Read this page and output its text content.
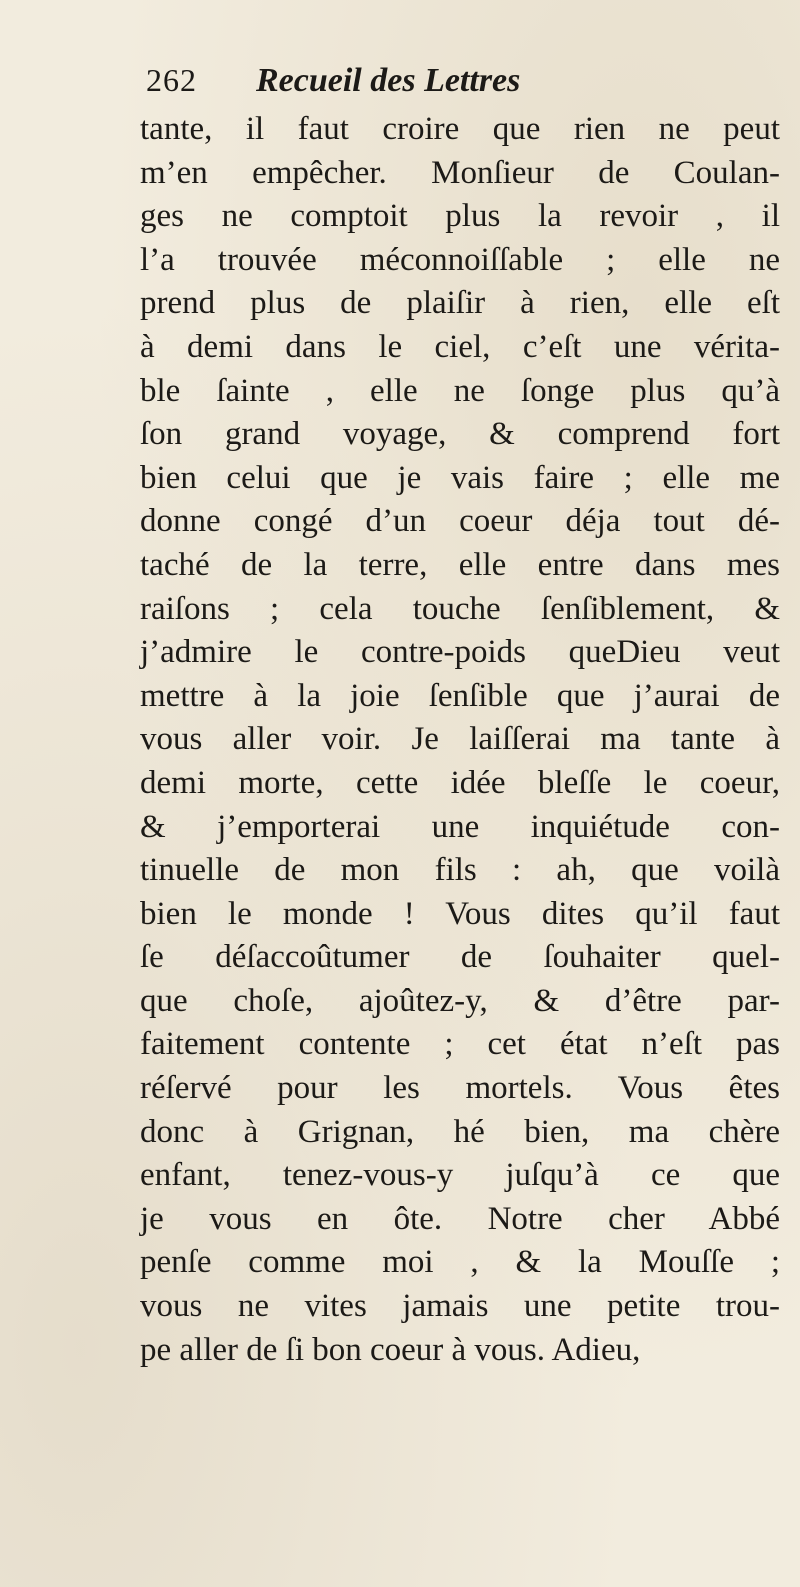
262 Recueil des Lettres
tante, il faut croire que rien ne peut
m’en empêcher. Monſieur de Coulan-
ges ne comptoit plus la revoir , il
l’a trouvée méconnoiſſable ; elle ne
prend plus de plaiſir à rien, elle eſt
à demi dans le ciel, c’eſt une vérita-
ble ſainte , elle ne ſonge plus qu’à
ſon grand voyage, & comprend fort
bien celui que je vais faire ; elle me
donne congé d’un coeur déja tout dé-
taché de la terre, elle entre dans mes
raiſons ; cela touche ſenſiblement, &
j’admire le contre-poids queDieu veut
mettre à la joie ſenſible que j’aurai de
vous aller voir. Je laiſſerai ma tante à
demi morte, cette idée bleſſe le coeur,
& j’emporterai une inquiétude con-
tinuelle de mon fils : ah, que voilà
bien le monde ! Vous dites qu’il faut
ſe déſaccoûtumer de ſouhaiter quel-
que choſe, ajoûtez-y, & d’être par-
faitement contente ; cet état n’eſt pas
réſervé pour les mortels. Vous êtes
donc à Grignan, hé bien, ma chère
enfant, tenez-vous-y juſqu’à ce que
je vous en ôte. Notre cher Abbé
penſe comme moi , & la Mouſſe ;
vous ne vites jamais une petite trou-
pe aller de ſi bon coeur à vous. Adieu,
